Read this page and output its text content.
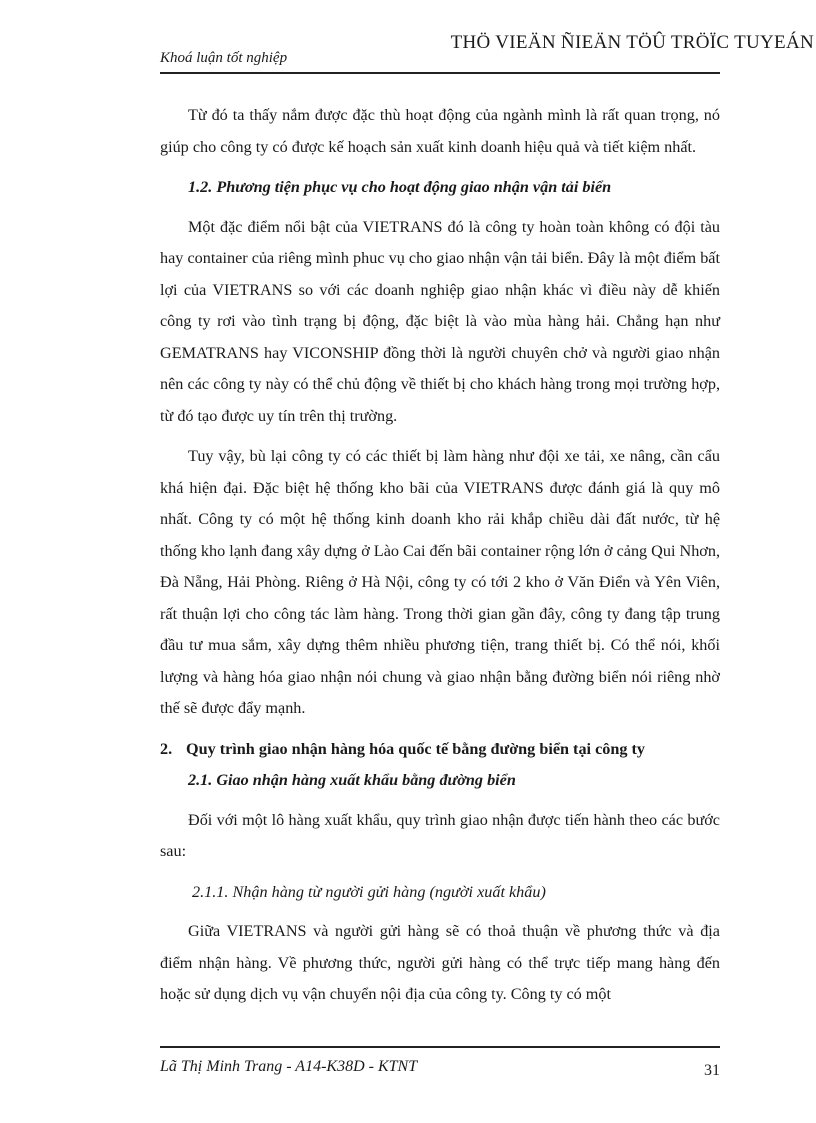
Khoá luận tốt nghiệp
THÖ VIEÄN ÑIEÄN TÖÛ TRÖÏC TUYEÁN

Từ đó ta thấy nắm được đặc thù hoạt động của ngành mình là rất quan trọng, nó giúp cho công ty có được kế hoạch sản xuất kinh doanh hiệu quả và tiết kiệm nhất.

1.2. Phương tiện phục vụ cho hoạt động giao nhận vận tải biển

Một đặc điểm nổi bật của VIETRANS đó là công ty hoàn toàn không có đội tàu hay container của riêng mình phuc vụ cho giao nhận vận tải biển. Đây là một điểm bất lợi của VIETRANS so với các doanh nghiệp giao nhận khác vì điều này dễ khiến công ty rơi vào tình trạng bị động, đặc biệt là vào mùa hàng hải. Chẳng hạn như GEMATRANS hay VICONSHIP đồng thời là người chuyên chở và người giao nhận nên các công ty này có thể chủ động về thiết bị cho khách hàng trong mọi trường hợp, từ đó tạo được uy tín trên thị trường.

Tuy vậy, bù lại công ty có các thiết bị làm hàng như đội xe tải, xe nâng, cần cẩu khá hiện đại. Đặc biệt hệ thống kho bãi của VIETRANS được đánh giá là quy mô nhất. Công ty có một hệ thống kinh doanh kho rải khắp chiều dài đất nước, từ hệ thống kho lạnh đang xây dựng ở Lào Cai đến bãi container rộng lớn ở cảng Qui Nhơn, Đà Nẵng, Hải Phòng. Riêng ở Hà Nội, công ty có tới 2 kho ở Văn Điển và Yên Viên, rất thuận lợi cho công tác làm hàng. Trong thời gian gần đây, công ty đang tập trung đầu tư mua sắm, xây dựng thêm nhiều phương tiện, trang thiết bị. Có thể nói, khối lượng và hàng hóa giao nhận nói chung và giao nhận bằng đường biển nói riêng nhờ thế sẽ được đẩy mạnh.

2. Quy trình giao nhận hàng hóa quốc tế bằng đường biển tại công ty
2.1. Giao nhận hàng xuất khẩu bằng đường biển

Đối với một lô hàng xuất khẩu, quy trình giao nhận được tiến hành theo các bước sau:

2.1.1. Nhận hàng từ người gửi hàng (người xuất khẩu)

Giữa VIETRANS và người gửi hàng sẽ có thoả thuận về phương thức và địa điểm nhận hàng. Về phương thức, người gửi hàng có thể trực tiếp mang hàng đến hoặc sử dụng dịch vụ vận chuyển nội địa của công ty. Công ty có một

Lã Thị Minh Trang - A14-K38D - KTNT	31
